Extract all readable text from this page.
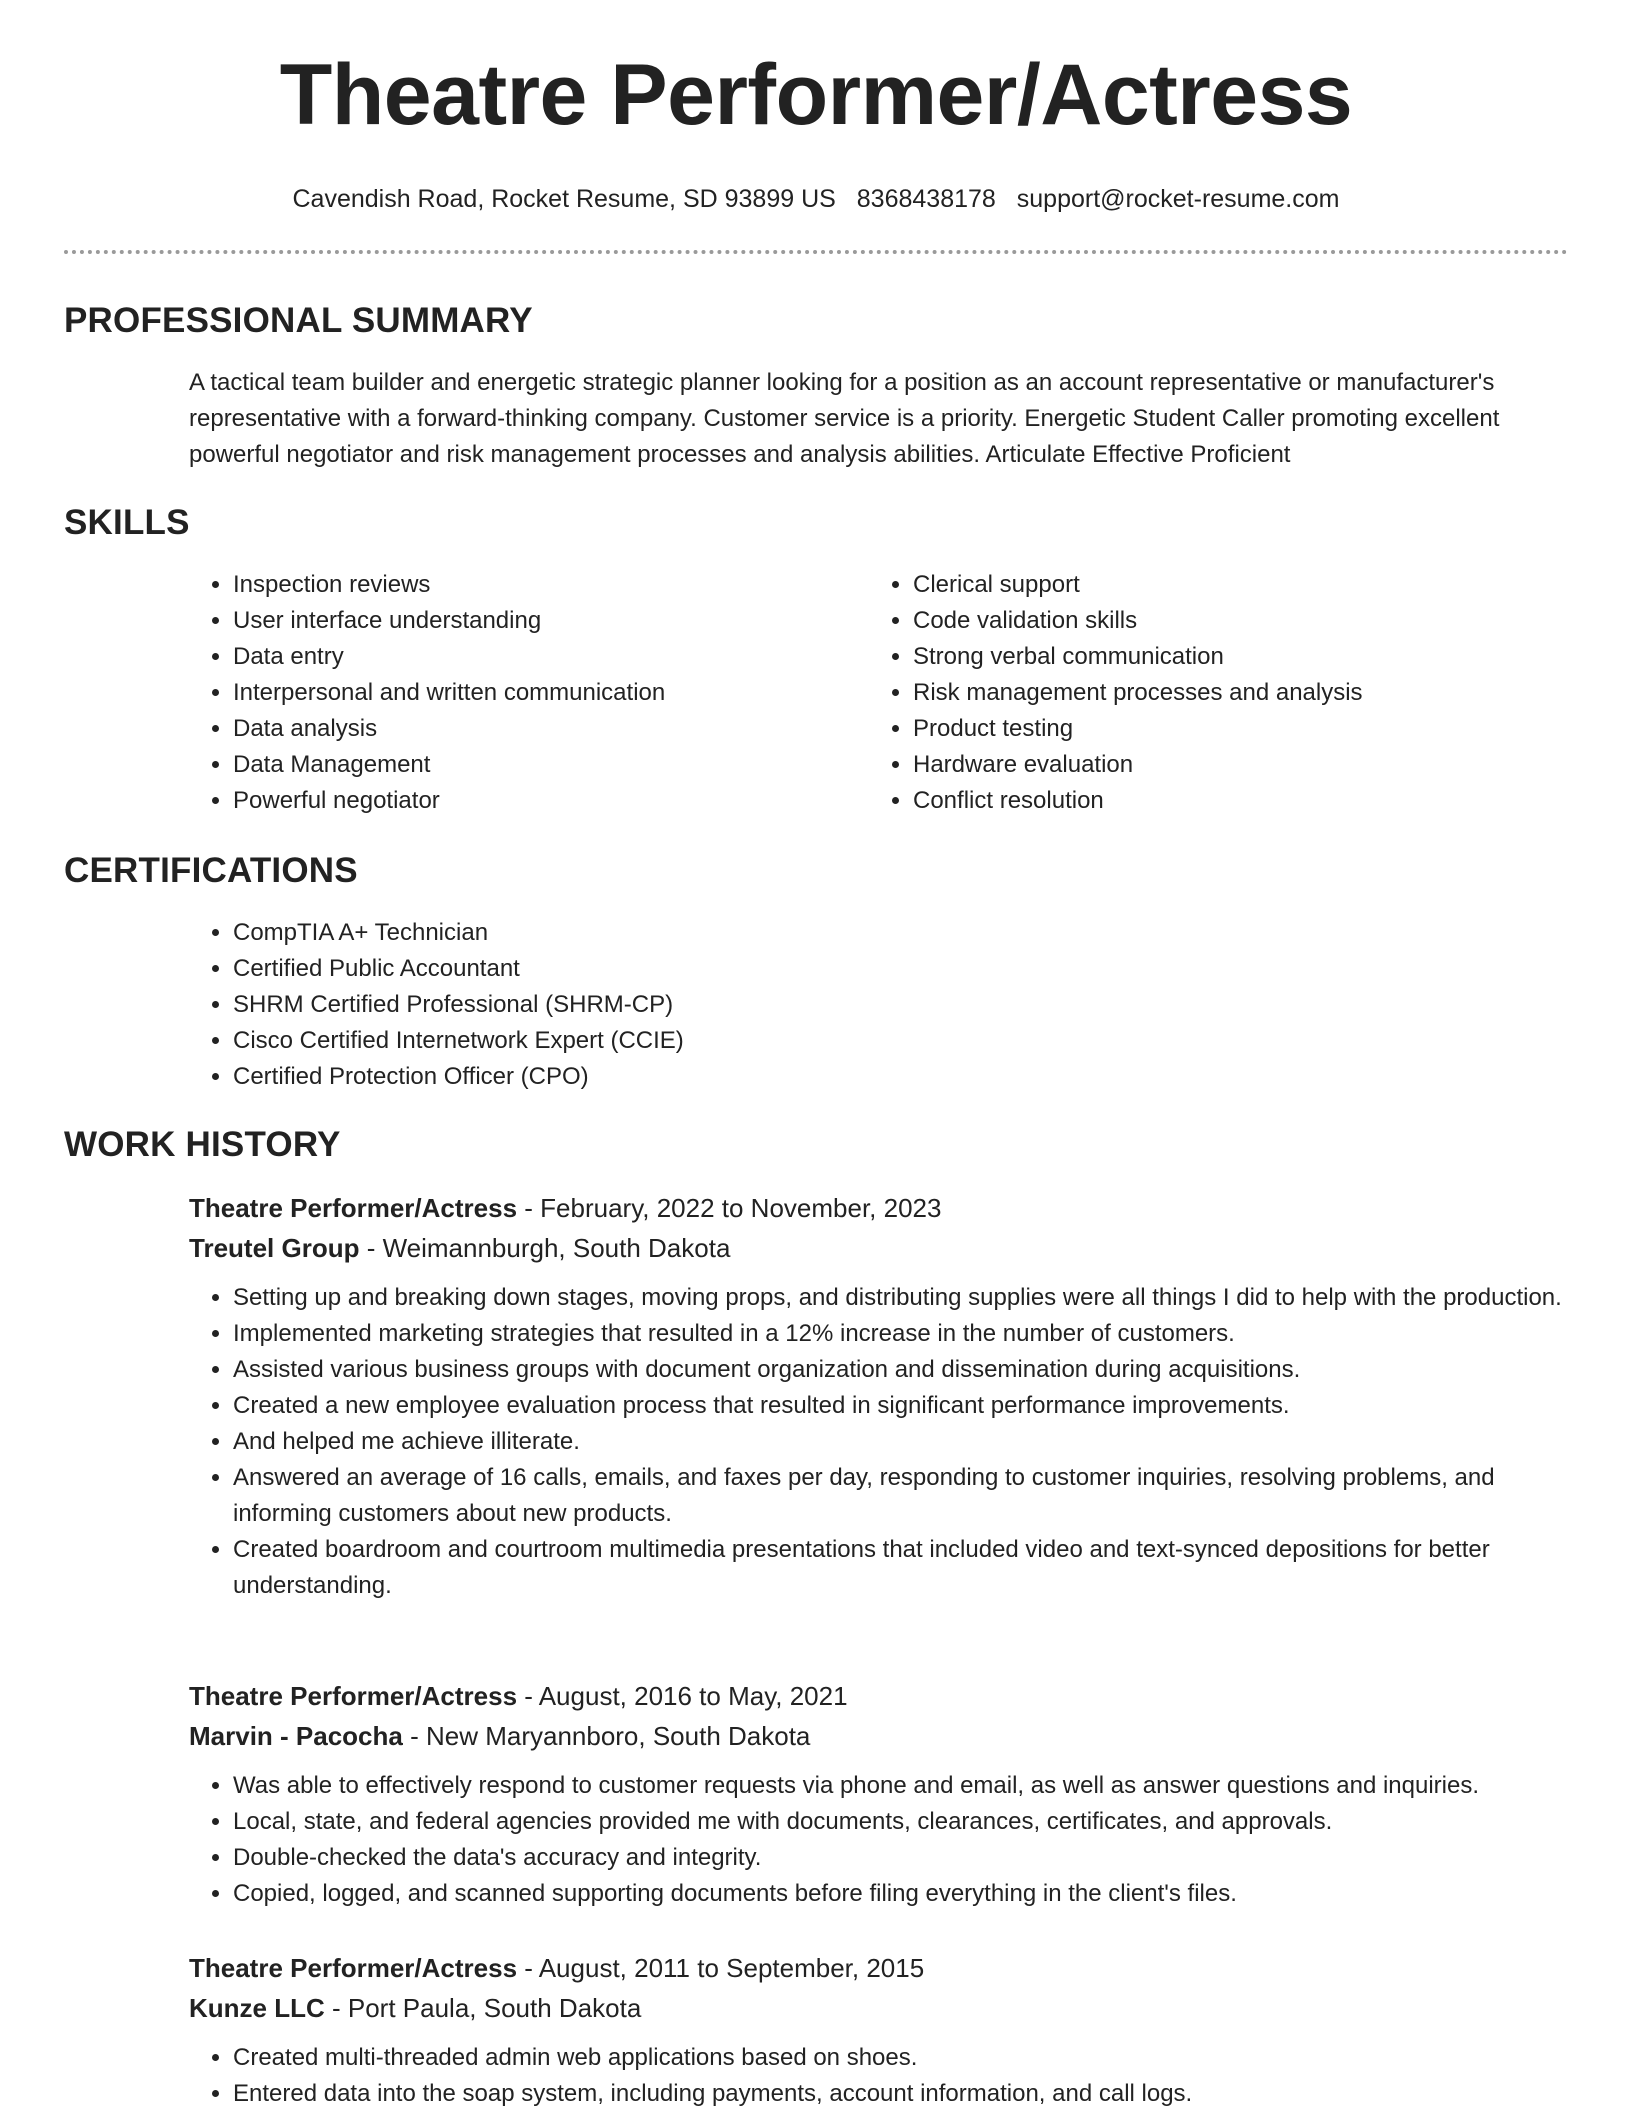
Theatre Performer/Actress
Cavendish Road, Rocket Resume, SD 93899 US 8368438178 support@rocket-resume.com
PROFESSIONAL SUMMARY
A tactical team builder and energetic strategic planner looking for a position as an account representative or manufacturer's representative with a forward-thinking company. Customer service is a priority. Energetic Student Caller promoting excellent powerful negotiator and risk management processes and analysis abilities. Articulate Effective Proficient
SKILLS
• Inspection reviews
• User interface understanding
• Data entry
• Interpersonal and written communication
• Data analysis
• Data Management
• Powerful negotiator
• Clerical support
• Code validation skills
• Strong verbal communication
• Risk management processes and analysis
• Product testing
• Hardware evaluation
• Conflict resolution
CERTIFICATIONS
• CompTIA A+ Technician
• Certified Public Accountant
• SHRM Certified Professional (SHRM-CP)
• Cisco Certified Internetwork Expert (CCIE)
• Certified Protection Officer (CPO)
WORK HISTORY
Theatre Performer/Actress - February, 2022 to November, 2023
Treutel Group - Weimannburgh, South Dakota
• Setting up and breaking down stages, moving props, and distributing supplies were all things I did to help with the production.
• Implemented marketing strategies that resulted in a 12% increase in the number of customers.
• Assisted various business groups with document organization and dissemination during acquisitions.
• Created a new employee evaluation process that resulted in significant performance improvements.
• And helped me achieve illiterate.
• Answered an average of 16 calls, emails, and faxes per day, responding to customer inquiries, resolving problems, and informing customers about new products.
• Created boardroom and courtroom multimedia presentations that included video and text-synced depositions for better understanding.
Theatre Performer/Actress - August, 2016 to May, 2021
Marvin - Pacocha - New Maryannboro, South Dakota
• Was able to effectively respond to customer requests via phone and email, as well as answer questions and inquiries.
• Local, state, and federal agencies provided me with documents, clearances, certificates, and approvals.
• Double-checked the data's accuracy and integrity.
• Copied, logged, and scanned supporting documents before filing everything in the client's files.
Theatre Performer/Actress - August, 2011 to September, 2015
Kunze LLC - Port Paula, South Dakota
• Created multi-threaded admin web applications based on shoes.
• Entered data into the soap system, including payments, account information, and call logs.
